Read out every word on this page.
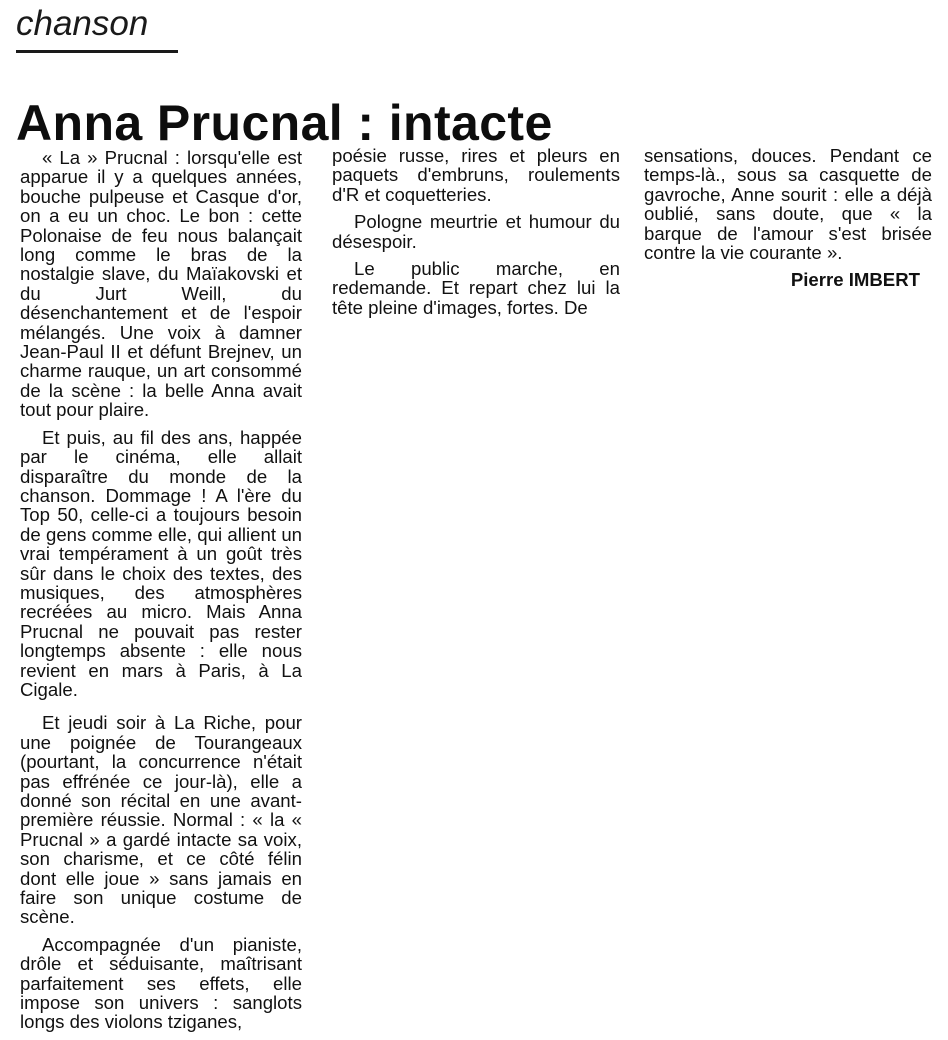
chanson
Anna Prucnal : intacte

« La » Prucnal : lorsqu'elle est apparue il y a quelques années, bouche pulpeuse et Casque d'or, on a eu un choc. Le bon : cette Polonaise de feu nous balançait long comme le bras de la nostalgie slave, du Maïakovski et du Jurt Weill, du désenchantement et de l'espoir mélangés. Une voix à damner Jean-Paul II et défunt Brejnev, un charme rauque, un art consommé de la scène : la belle Anna avait tout pour plaire.

Et puis, au fil des ans, happée par le cinéma, elle allait disparaître du monde de la chanson. Dommage ! A l'ère du Top 50, celle-ci a toujours besoin de gens comme elle, qui allient un vrai tempérament à un goût très sûr dans le choix des textes, des musiques, des atmosphères recréées au micro. Mais Anna Prucnal ne pouvait pas rester longtemps absente : elle nous revient en mars à Paris, à La Cigale.

Et jeudi soir à La Riche, pour une poignée de Tourangeaux (pourtant, la concurrence n'était pas effrénée ce jour-là), elle a donné son récital en une avant-première réussie. Normal : « la « Prucnal » a gardé intacte sa voix, son charisme, et ce côté félin dont elle joue » sans jamais en faire son unique costume de scène.

Accompagnée d'un pianiste, drôle et séduisante, maîtrisant parfaitement ses effets, elle impose son univers : sanglots longs des violons tziganes,

poésie russe, rires et pleurs en paquets d'embruns, roulements d'R et coquetteries.

Pologne meurtrie et humour du désespoir.

Le public marche, en redemande. Et repart chez lui la tête pleine d'images, fortes. De

sensations, douces. Pendant ce temps-là., sous sa casquette de gavroche, Anne sourit : elle a déjà oublié, sans doute, que « la barque de l'amour s'est brisée contre la vie courante ».

Pierre IMBERT
